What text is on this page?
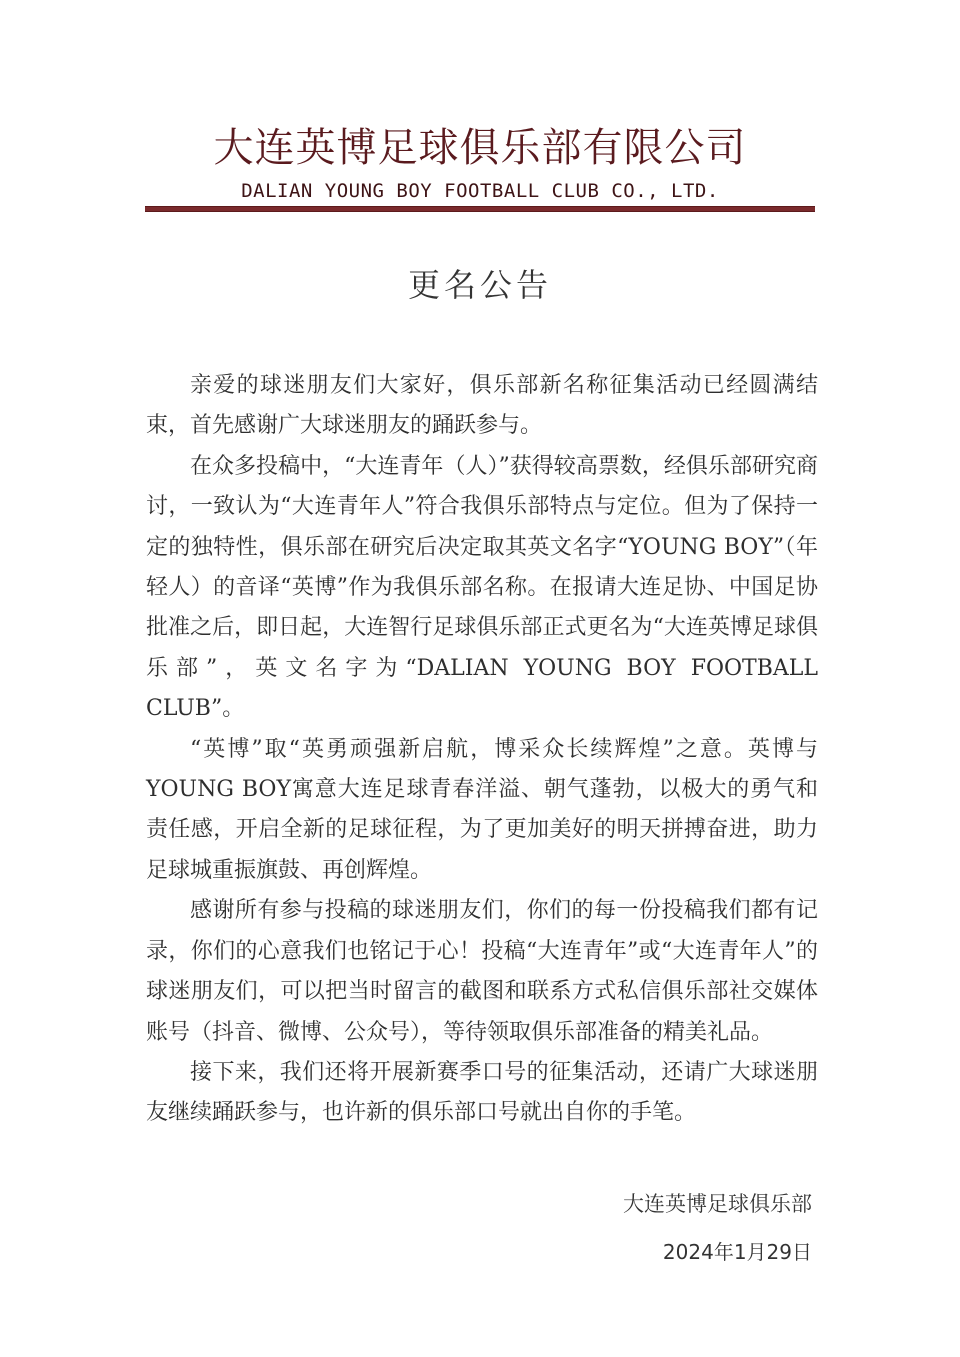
大连英博足球俱乐部有限公司
DALIAN YOUNG BOY FOOTBALL CLUB CO., LTD.
更名公告

亲爱的球迷朋友们大家好，俱乐部新名称征集活动已经圆满结束，首先感谢广大球迷朋友的踊跃参与。

在众多投稿中，“大连青年（人）”获得较高票数，经俱乐部研究商讨，一致认为“大连青年人”符合我俱乐部特点与定位。但为了保持一定的独特性，俱乐部在研究后决定取其英文名字“YOUNG BOY”（年轻人）的音译“英博”作为我俱乐部名称。在报请大连足协、中国足协批准之后，即日起，大连智行足球俱乐部正式更名为“大连英博足球俱乐部”，英文名字为“DALIAN YOUNG BOY FOOTBALL CLUB”。

“英博”取“英勇顽强新启航，博采众长续辉煌”之意。英博与YOUNG BOY寓意大连足球青春洋溢、朝气蓬勃，以极大的勇气和责任感，开启全新的足球征程，为了更加美好的明天拼搏奋进，助力足球城重振旗鼓、再创辉煌。

感谢所有参与投稿的球迷朋友们，你们的每一份投稿我们都有记录，你们的心意我们也铭记于心！投稿“大连青年”或“大连青年人”的球迷朋友们，可以把当时留言的截图和联系方式私信俱乐部社交媒体账号（抖音、微博、公众号），等待领取俱乐部准备的精美礼品。

接下来，我们还将开展新赛季口号的征集活动，还请广大球迷朋友继续踊跃参与，也许新的俱乐部口号就出自你的手笔。

大连英博足球俱乐部
2024年1月29日
